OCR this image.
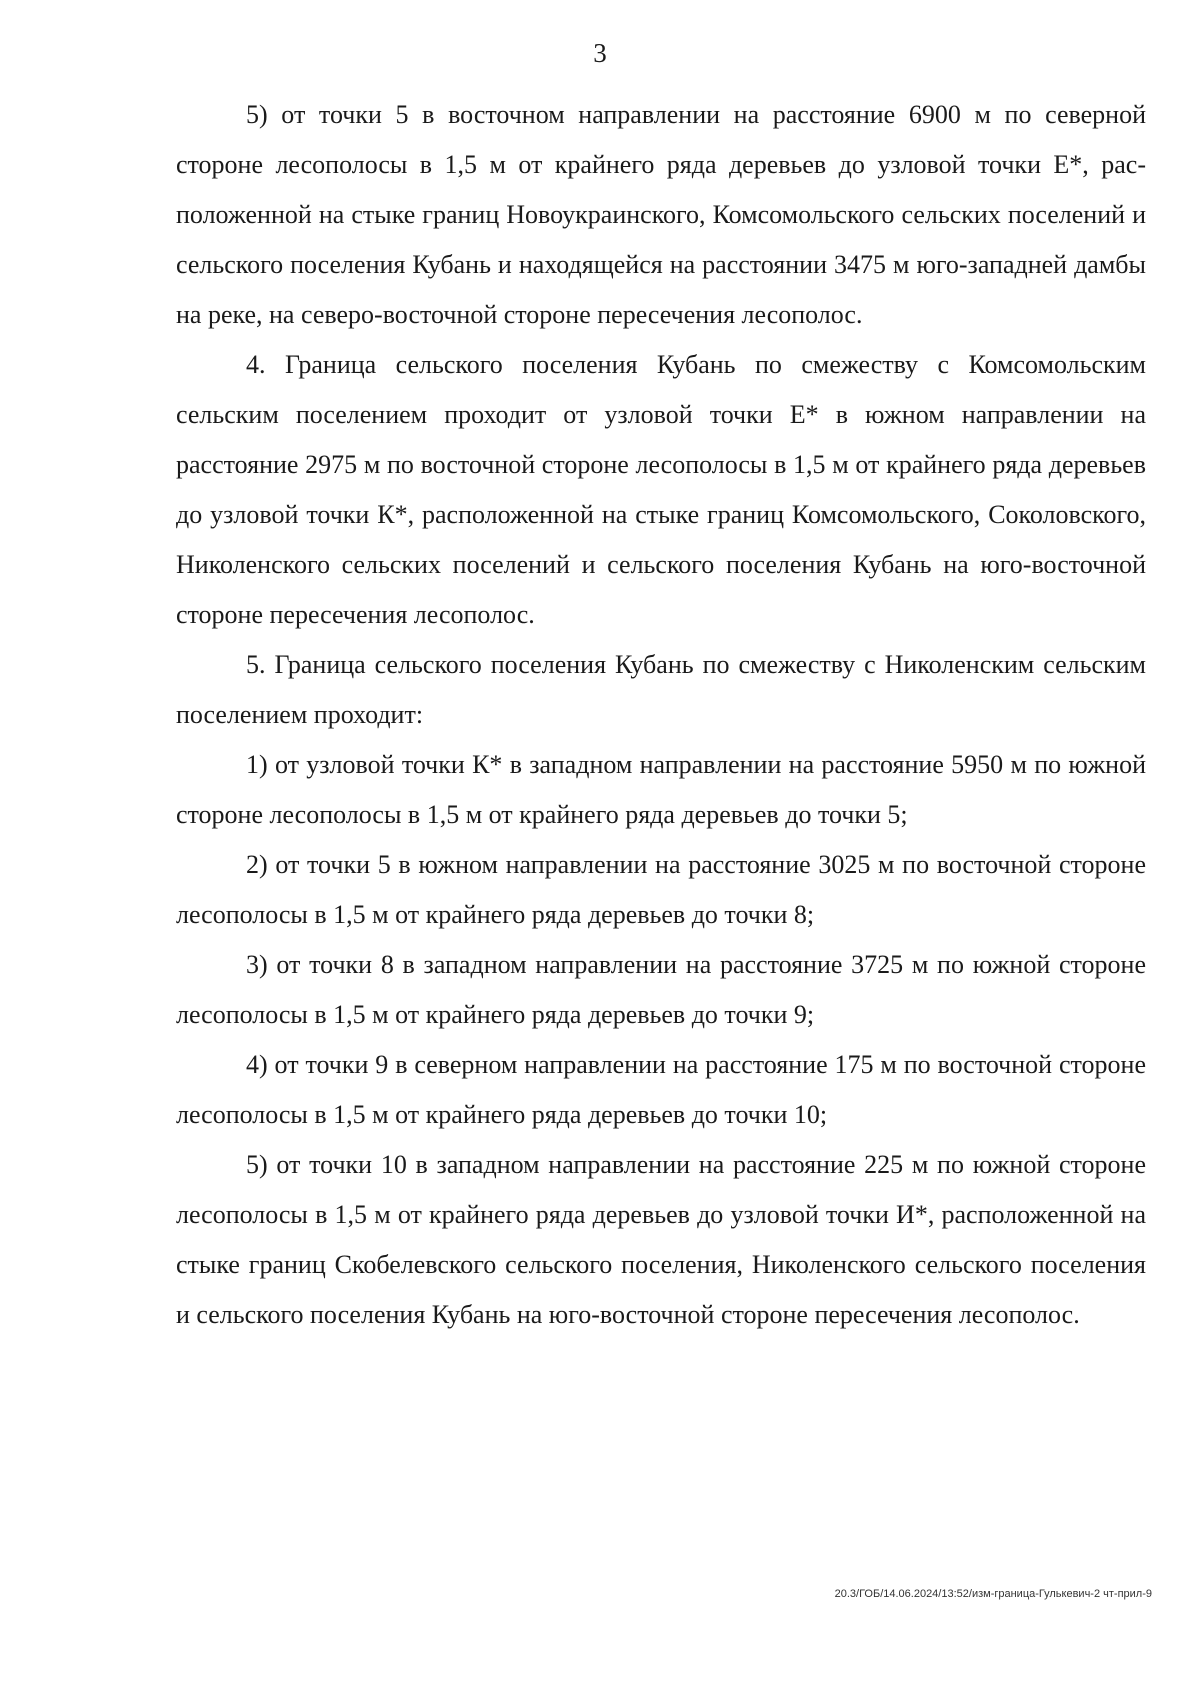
3

5) от точки 5 в восточном направлении на расстояние 6900 м по северной стороне лесополосы в 1,5 м от крайнего ряда деревьев до узловой точки Е*, расположенной на стыке границ Новоукраинского, Комсомольского сельских поселений и сельского поселения Кубань и находящейся на расстоянии 3475 м юго-западней дамбы на реке, на северо-восточной стороне пересечения лесополос.

4. Граница сельского поселения Кубань по смежеству с Комсомольским сельским поселением проходит от узловой точки Е* в южном направлении на расстояние 2975 м по восточной стороне лесополосы в 1,5 м от крайнего ряда деревьев до узловой точки К*, расположенной на стыке границ Комсомольского, Соколовского, Николенского сельских поселений и сельского поселения Кубань на юго-восточной стороне пересечения лесополос.

5. Граница сельского поселения Кубань по смежеству с Николенским сельским поселением проходит:

1) от узловой точки К* в западном направлении на расстояние 5950 м по южной стороне лесополосы в 1,5 м от крайнего ряда деревьев до точки 5;

2) от точки 5 в южном направлении на расстояние 3025 м по восточной стороне лесополосы в 1,5 м от крайнего ряда деревьев до точки 8;

3) от точки 8 в западном направлении на расстояние 3725 м по южной стороне лесополосы в 1,5 м от крайнего ряда деревьев до точки 9;

4) от точки 9 в северном направлении на расстояние 175 м по восточной стороне лесополосы в 1,5 м от крайнего ряда деревьев до точки 10;

5) от точки 10 в западном направлении на расстояние 225 м по южной стороне лесополосы в 1,5 м от крайнего ряда деревьев до узловой точки И*, расположенной на стыке границ Скобелевского сельского поселения, Николенского сельского поселения и сельского поселения Кубань на юго-восточной стороне пересечения лесополос.

20.3/ГОБ/14.06.2024/13:52/изм-граница-Гулькевич-2 чт-прил-9
